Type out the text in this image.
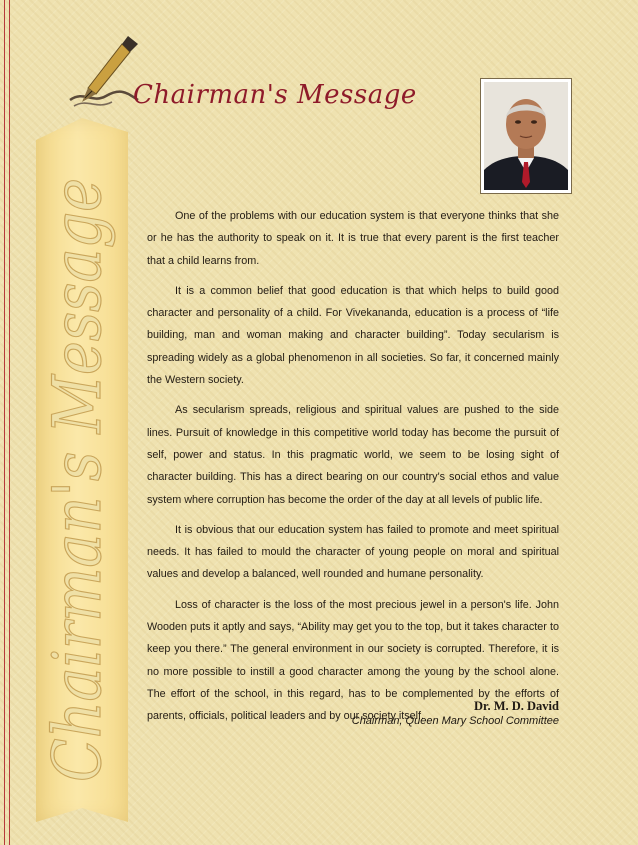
Chairman's Message Chairman's Message

One of the problems with our education system is that everyone thinks that she or he has the authority to speak on it. It is true that every parent is the first teacher that a child learns from.

It is a common belief that good education is that which helps to build good character and personality of a child. For Vivekananda, education is a process of “life building, man and woman making and character building”. Today secularism is spreading widely as a global phenomenon in all societies. So far, it concerned mainly the Western society.

As secularism spreads, religious and spiritual values are pushed to the side lines. Pursuit of knowledge in this competitive world today has become the pursuit of self, power and status. In this pragmatic world, we seem to be losing sight of character building. This has a direct bearing on our country's social ethos and value system where corruption has become the order of the day at all levels of public life.

It is obvious that our education system has failed to promote and meet spiritual needs. It has failed to mould the character of young people on moral and spiritual values and develop a balanced, well rounded and humane personality.

Loss of character is the loss of the most precious jewel in a person's life. John Wooden puts it aptly and says, “Ability may get you to the top, but it takes character to keep you there.” The general environment in our society is corrupted. Therefore, it is no more possible to instill a good character among the young by the school alone. The effort of the school, in this regard, has to be complemented by the efforts of parents, officials, political leaders and by our society itself.

Dr. M. D. David
Chairman, Queen Mary School Committee
